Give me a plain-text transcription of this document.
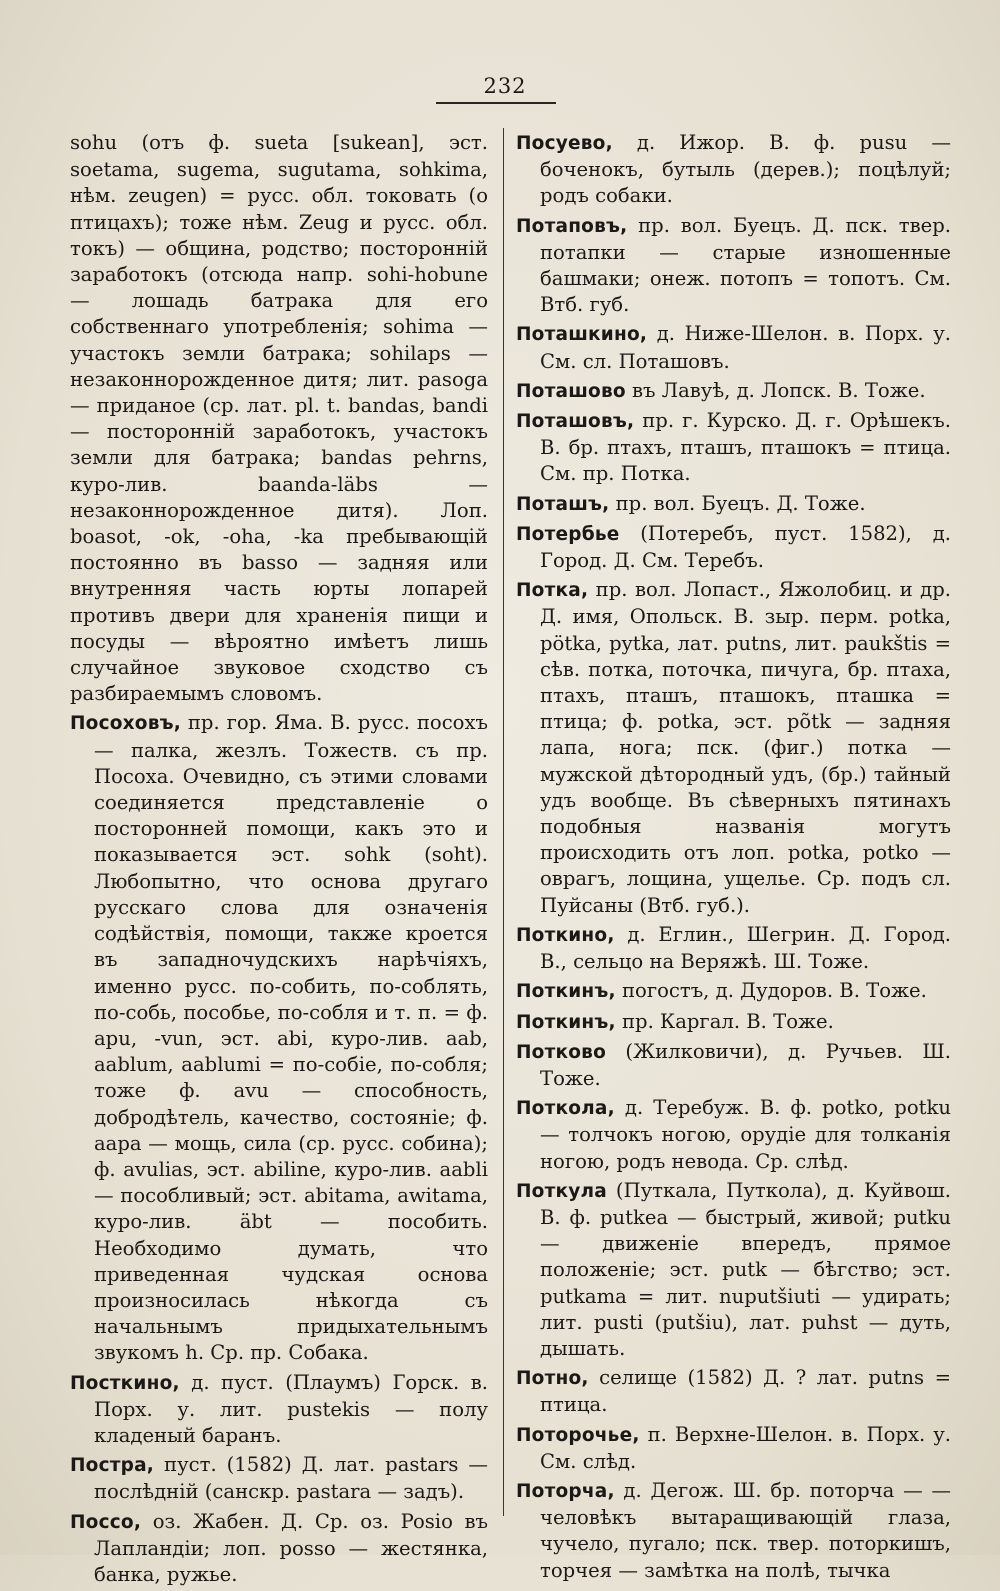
232

sohu (отъ ф. sueta [sukean], эст. soetama, sugema, sugutama, sohkima, нѣм. zeugen) = русс. обл. токовать (о птицахъ); тоже нѣм. Zeug и русс. обл. токъ) — община, родство; посторонній заработокъ (отсюда напр. sohi-hobune — лошадь батрака для его собственнаго употребленія; sohima — участокъ земли батрака; sohilaps — незаконнорожденное дитя; лит. pasoga — приданое (ср. лат. pl. t. bandas, bandi — посторонній заработокъ, участокъ земли для батрака; bandas pehrns, куро-лив. baanda-läbs — незаконнорожденное дитя). Лоп. boasot, -ok, -oha, -ka пребывающій постоянно въ basso — задняя или внутренняя часть юрты лопарей противъ двери для храненія пищи и посуды — вѣроятно имѣетъ лишь случайное звуковое сходство съ разбираемымъ словомъ.

Посоховъ, пр. гор. Яма. В. русс. посохъ — палка, жезлъ. Тожеств. съ пр. Посоха. Очевидно, съ этими словами соединяется представленіе о посторонней помощи, какъ это и показывается эст. sohk (soht). Любопытно, что основа другаго русскаго слова для означенія содѣйствія, помощи, также кроется въ западночудскихъ нарѣчіяхъ, именно русс. по-собить, по-соблять, по-собь, пособье, по-собля и т. п. = ф. apu, -vun, эст. abi, куро-лив. aab, aablum, aablumi = по-собіе, по-собля; тоже ф. avu — способность, добродѣтель, качество, состояніе; ф. aapa — мощь, сила (ср. русс. собина); ф. avulias, эст. abiline, куро-лив. aabli — пособливый; эст. abitama, awitama, куро-лив. äbt — пособить. Необходимо думать, что приведенная чудская основа произносилась нѣкогда съ начальнымъ придыхательнымъ звукомъ h. Ср. пр. Собака.

Посткино, д. пуст. (Плаумъ) Горск. в. Порх. у. лит. pustekis — полу кладеный баранъ.

Постра, пуст. (1582) Д. лат. pastars — послѣдній (санскр. pastara — задъ).

Поссо, оз. Жабен. Д. Ср. оз. Posio въ Лапландіи; лоп. posso — жестянка, банка, ружье.

Посуево, д. Ижор. В. ф. pusu — боченокъ, бутыль (дерев.); поцѣлуй; родъ собаки.

Потаповъ, пр. вол. Буецъ. Д. пск. твер. потапки — старые изношенные башмаки; онеж. потопъ = топотъ. См. Втб. губ.

Поташкино, д. Ниже-Шелон. в. Порх. у. См. сл. Поташовъ.

Поташово въ Лавуѣ, д. Лопск. В. Тоже.

Поташовъ, пр. г. Курско. Д. г. Орѣшекъ. В. бр. птахъ, пташъ, пташокъ = птица. См. пр. Потка.

Поташъ, пр. вол. Буецъ. Д. Тоже.

Потербье (Потеребъ, пуст. 1582), д. Город. Д. См. Теребъ.

Потка, пр. вол. Лопаст., Яжолобиц. и др. Д. имя, Опольск. В. зыр. перм. potka, pötka, pytka, лат. putns, лит. paukštis = сѣв. потка, поточка, пичуга, бр. птаха, птахъ, пташъ, пташокъ, пташка = птица; ф. potka, эст. põtk — задняя лапа, нога; пск. (фиг.) потка — мужской дѣтородный удъ, (бр.) тайный удъ вообще. Въ сѣверныхъ пятинахъ подобныя названія могутъ происходить отъ лоп. potka, potko — оврагъ, лощина, ущелье. Ср. подъ сл. Пуйсаны (Втб. губ.).

Поткино, д. Еглин., Шегрин. Д. Город. В., сельцо на Веряжѣ. Ш. Тоже.

Поткинъ, погостъ, д. Дудоров. В. Тоже.

Поткинъ, пр. Каргал. В. Тоже.

Потково (Жилковичи), д. Ручьев. Ш. Тоже.

Потколa, д. Теребуж. В. ф. potko, potku — толчокъ ногою, орудіе для толканія ногою, родъ невода. Ср. слѣд.

Поткула (Путкала, Путкола), д. Куйвош. В. ф. putkea — быстрый, живой; putku — движеніе впередъ, прямое положеніе; эст. putk — бѣгство; эст. putkama = лит. nuputšiuti — удирать; лит. pusti (putšiu), лат. puhst — дуть, дышать.

Потно, селище (1582) Д. ? лат. putns = птица.

Поторочье, п. Верхне-Шелон. в. Порх. у. См. слѣд.

Поторча, д. Дегож. Ш. бр. поторча — — человѣкъ вытаращивающій глаза, чучело, пугало; пск. твер. поторкишъ, торчея — замѣтка на полѣ, тычка
